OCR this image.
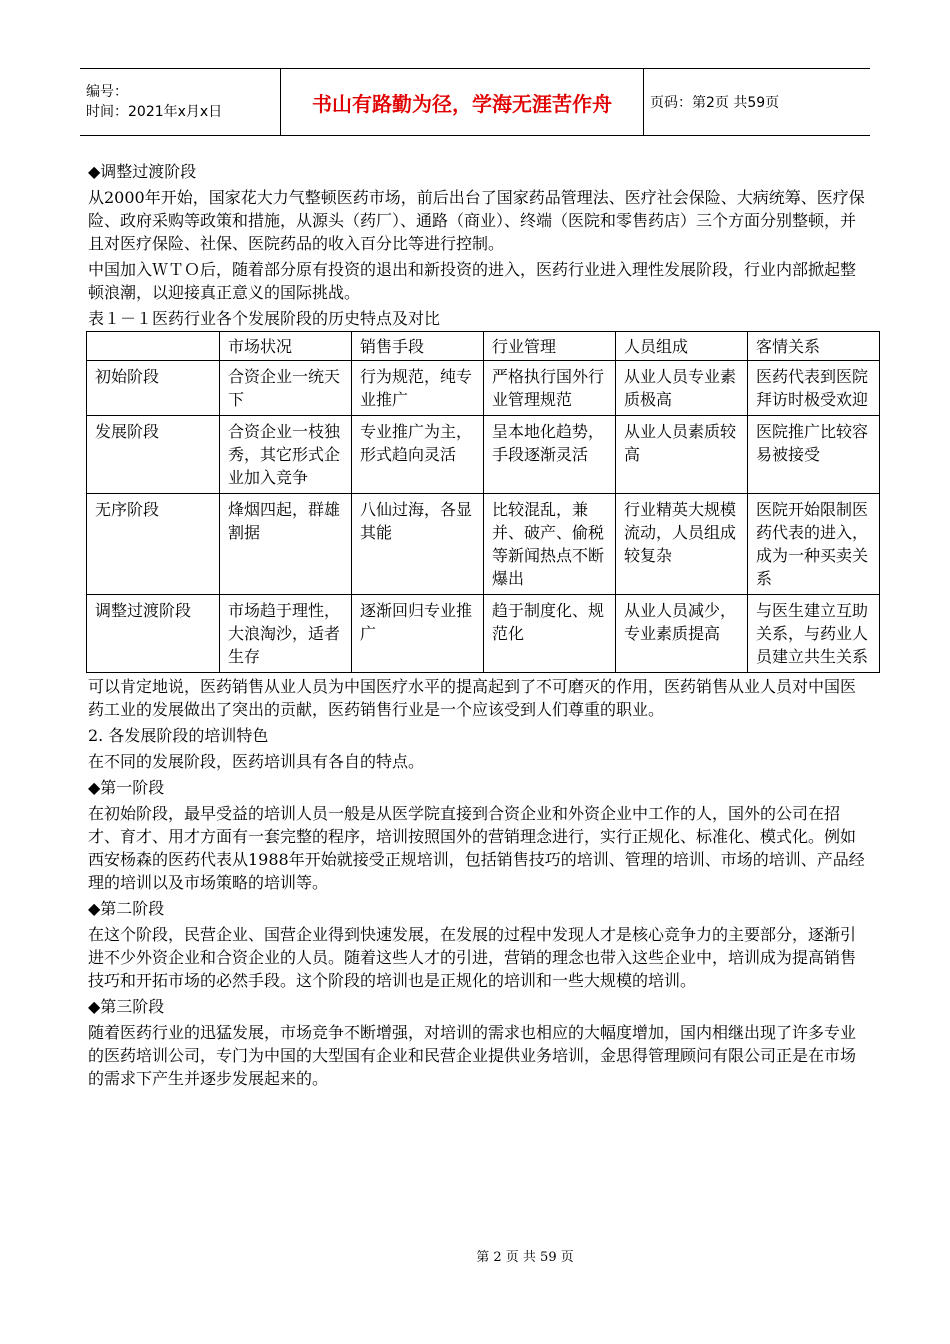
编号：
时间：2021年x月x日	书山有路勤为径，学海无涯苦作舟	页码：第2页 共59页

◆调整过渡阶段

从2000年开始，国家花大力气整顿医药市场，前后出台了国家药品管理法、医疗社会保险、大病统筹、医疗保险、政府采购等政策和措施，从源头（药厂）、通路（商业）、终端（医院和零售药店）三个方面分别整顿，并且对医疗保险、社保、医院药品的收入百分比等进行控制。

中国加入ＷＴＯ后，随着部分原有投资的退出和新投资的进入，医药行业进入理性发展阶段，行业内部掀起整顿浪潮，以迎接真正意义的国际挑战。

表１－１医药行业各个发展阶段的历史特点及对比

	市场状况	销售手段	行业管理	人员组成	客情关系
初始阶段	合资企业一统天下	行为规范，纯专业推广	严格执行国外行业管理规范	从业人员专业素质极高	医药代表到医院拜访时极受欢迎
发展阶段	合资企业一枝独秀，其它形式企业加入竞争	专业推广为主，形式趋向灵活	呈本地化趋势，手段逐渐灵活	从业人员素质较高	医院推广比较容易被接受
无序阶段	烽烟四起，群雄割据	八仙过海，各显其能	比较混乱，兼并、破产、偷税等新闻热点不断爆出	行业精英大规模流动，人员组成较复杂	医院开始限制医药代表的进入，成为一种买卖关系
调整过渡阶段	市场趋于理性，大浪淘沙，适者生存	逐渐回归专业推广	趋于制度化、规范化	从业人员减少，专业素质提高	与医生建立互助关系，与药业人员建立共生关系

可以肯定地说，医药销售从业人员为中国医疗水平的提高起到了不可磨灭的作用，医药销售从业人员对中国医药工业的发展做出了突出的贡献，医药销售行业是一个应该受到人们尊重的职业。

2. 各发展阶段的培训特色

在不同的发展阶段，医药培训具有各自的特点。

◆第一阶段

在初始阶段，最早受益的培训人员一般是从医学院直接到合资企业和外资企业中工作的人，国外的公司在招才、育才、用才方面有一套完整的程序，培训按照国外的营销理念进行，实行正规化、标准化、模式化。例如西安杨森的医药代表从1988年开始就接受正规培训，包括销售技巧的培训、管理的培训、市场的培训、产品经理的培训以及市场策略的培训等。

◆第二阶段

在这个阶段，民营企业、国营企业得到快速发展，在发展的过程中发现人才是核心竞争力的主要部分，逐渐引进不少外资企业和合资企业的人员。随着这些人才的引进，营销的理念也带入这些企业中，培训成为提高销售技巧和开拓市场的必然手段。这个阶段的培训也是正规化的培训和一些大规模的培训。

◆第三阶段

随着医药行业的迅猛发展，市场竞争不断增强，对培训的需求也相应的大幅度增加，国内相继出现了许多专业的医药培训公司，专门为中国的大型国有企业和民营企业提供业务培训，金思得管理顾问有限公司正是在市场的需求下产生并逐步发展起来的。

第 2 页 共 59 页
